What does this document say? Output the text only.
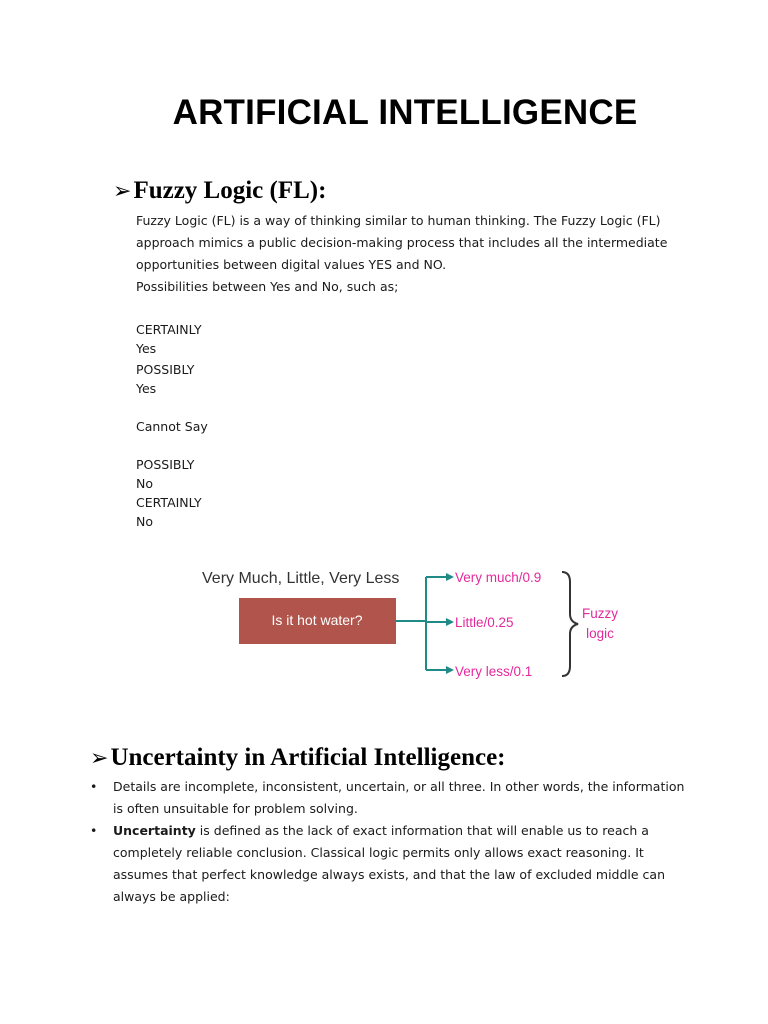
ARTIFICIAL INTELLIGENCE
➢Fuzzy Logic (FL):

Fuzzy Logic (FL) is a way of thinking similar to human thinking. The Fuzzy Logic (FL)

approach mimics a public decision-making process that includes all the intermediate

opportunities between digital values YES and NO.

Possibilities between Yes and No, such as;

CERTAINLY
Yes
POSSIBLY
Yes
Cannot Say
POSSIBLY
No
CERTAINLY
No
Very Much, Little, Very Less
Is it hot water?
Very much/0.9
Little/0.25
Very less/0.1
Fuzzy
logic
➢Uncertainty in Artificial Intelligence:
• Details are incomplete, inconsistent, uncertain, or all three. In other words, the information is often unsuitable for problem solving.
• Uncertainty is defined as the lack of exact information that will enable us to reach a completely reliable conclusion. Classical logic permits only allows exact reasoning. It assumes that perfect knowledge always exists, and that the law of excluded middle can always be applied:
